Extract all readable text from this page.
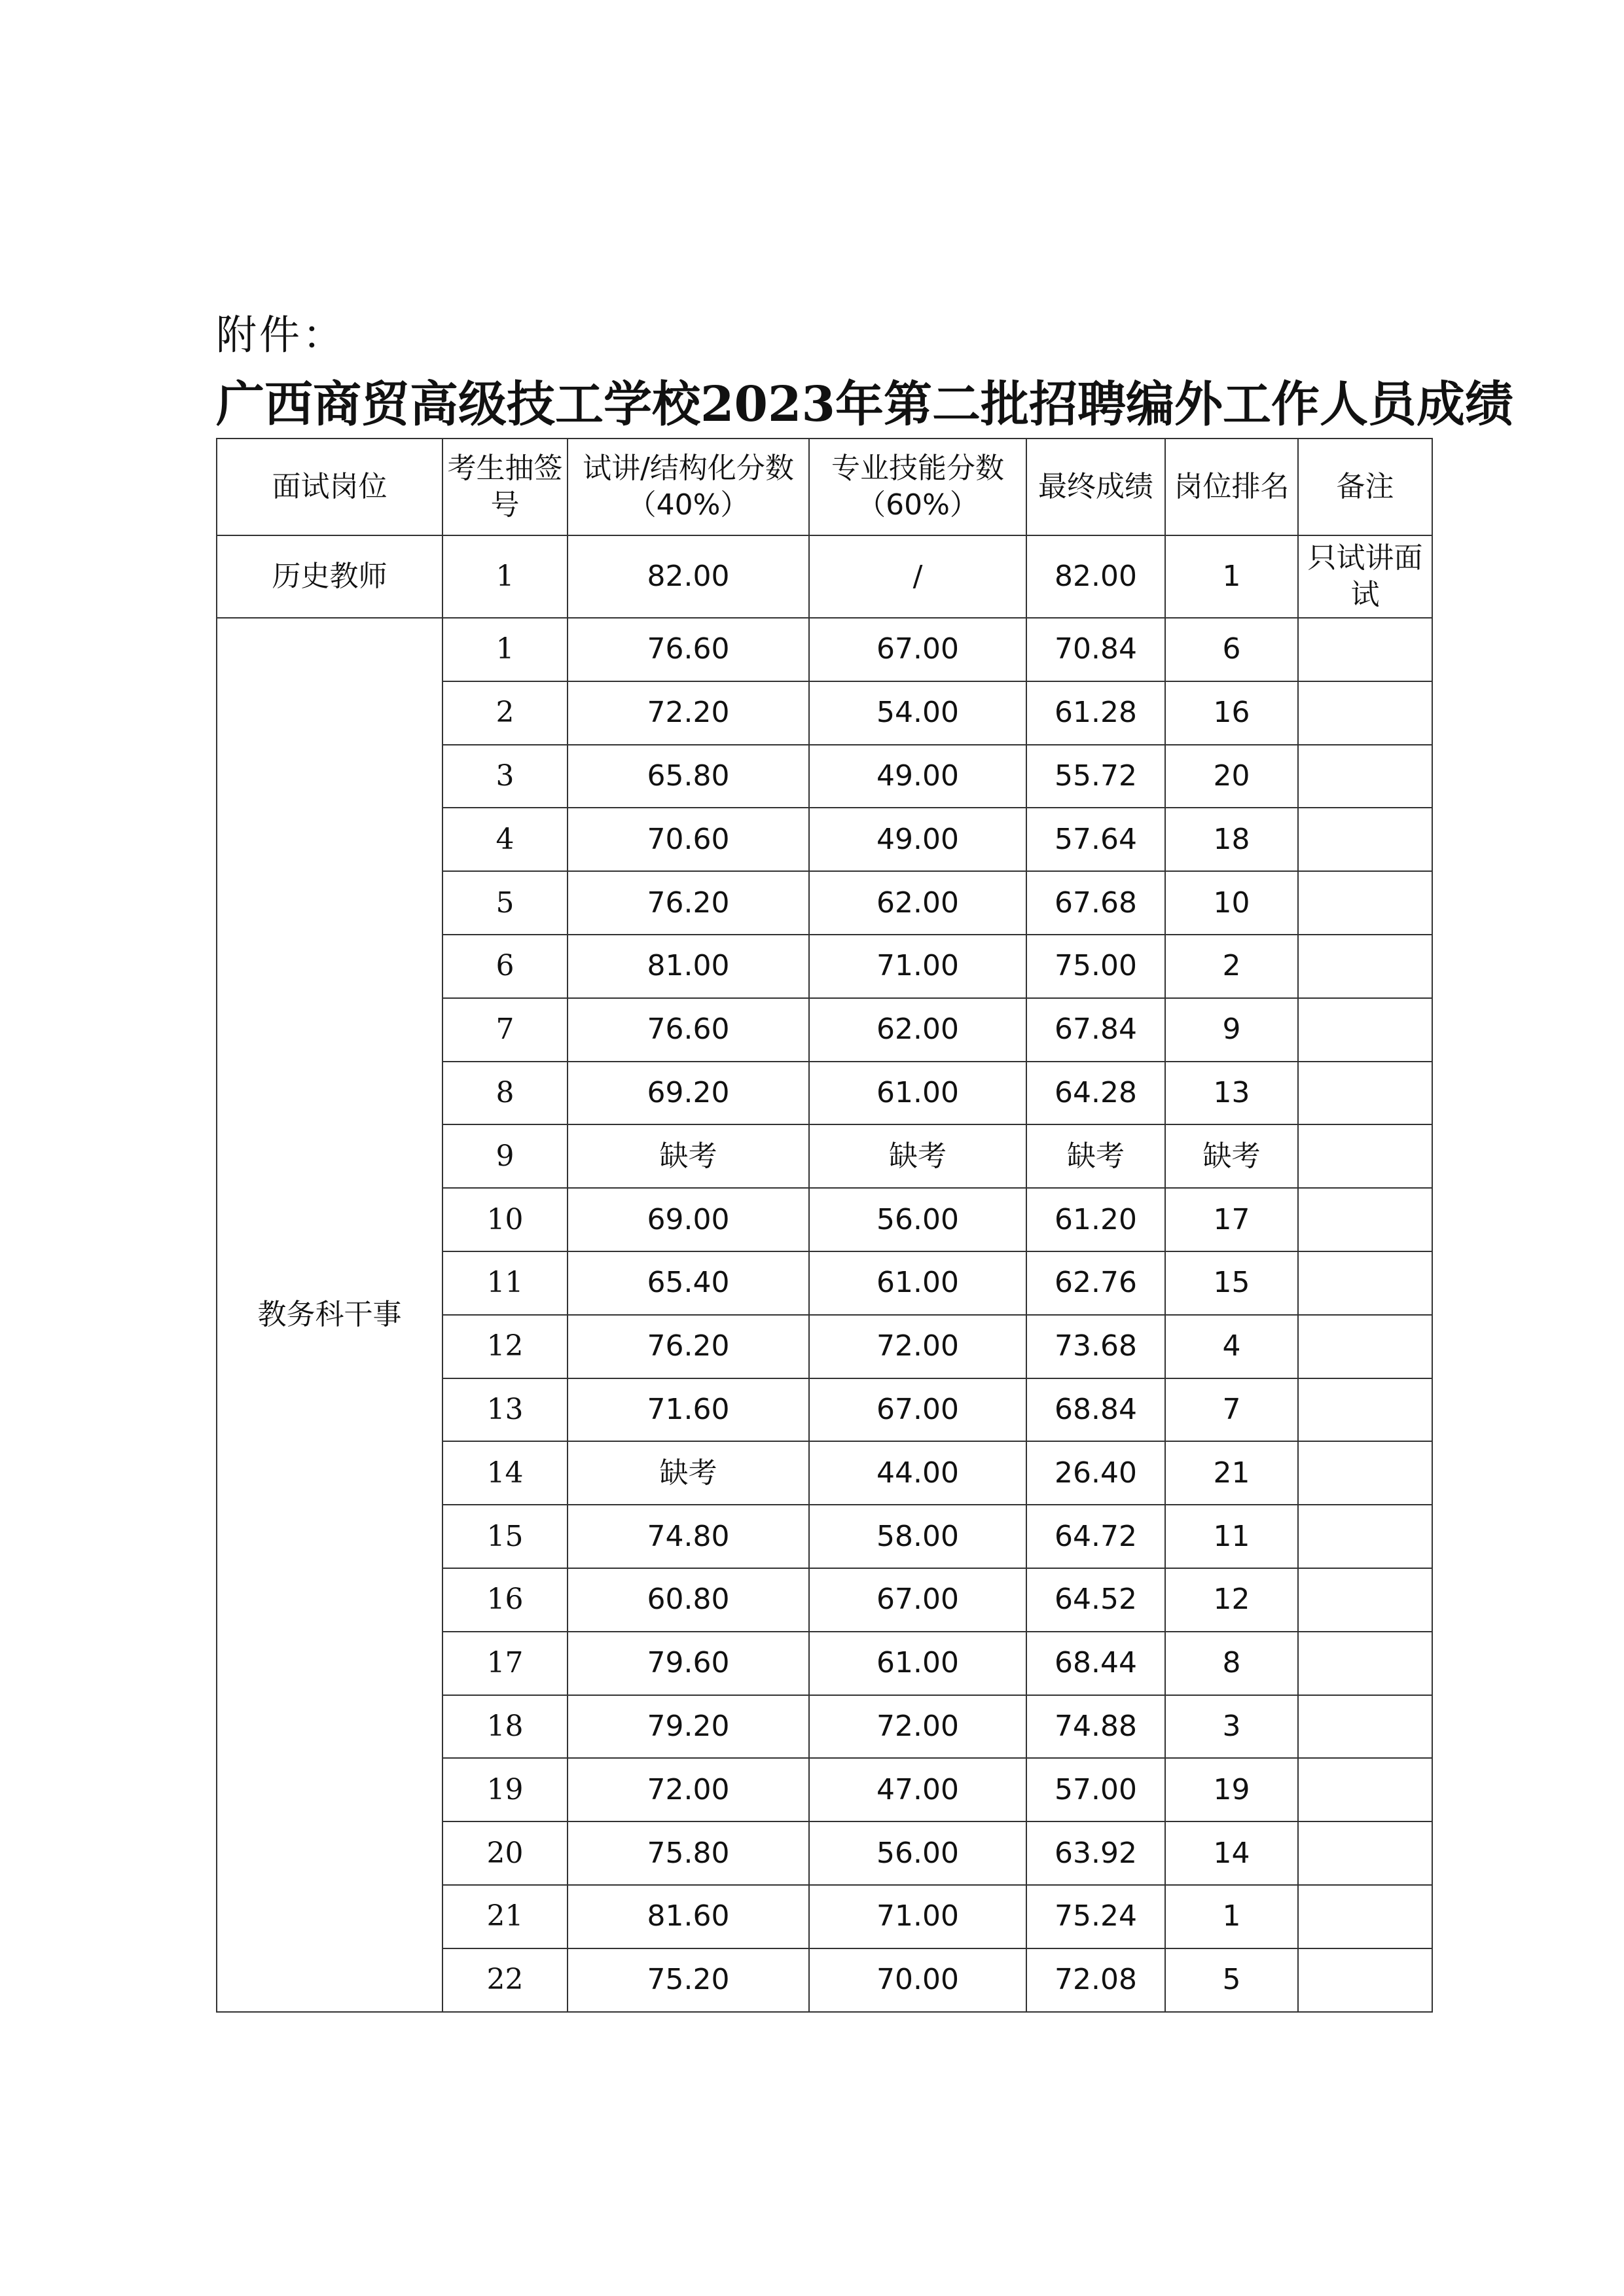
附件：
广西商贸高级技工学校2023年第二批招聘编外工作人员成绩
面试岗位	考生抽签号	试讲/结构化分数（40%）	专业技能分数（60%）	最终成绩	岗位排名	备注
历史教师	1	82.00	/	82.00	1	只试讲面试
教务科干事	1	76.60	67.00	70.84	6	
	2	72.20	54.00	61.28	16	
	3	65.80	49.00	55.72	20	
	4	70.60	49.00	57.64	18	
	5	76.20	62.00	67.68	10	
	6	81.00	71.00	75.00	2	
	7	76.60	62.00	67.84	9	
	8	69.20	61.00	64.28	13	
	9	缺考	缺考	缺考	缺考	
	10	69.00	56.00	61.20	17	
	11	65.40	61.00	62.76	15	
	12	76.20	72.00	73.68	4	
	13	71.60	67.00	68.84	7	
	14	缺考	44.00	26.40	21	
	15	74.80	58.00	64.72	11	
	16	60.80	67.00	64.52	12	
	17	79.60	61.00	68.44	8	
	18	79.20	72.00	74.88	3	
	19	72.00	47.00	57.00	19	
	20	75.80	56.00	63.92	14	
	21	81.60	71.00	75.24	1	
	22	75.20	70.00	72.08	5	
